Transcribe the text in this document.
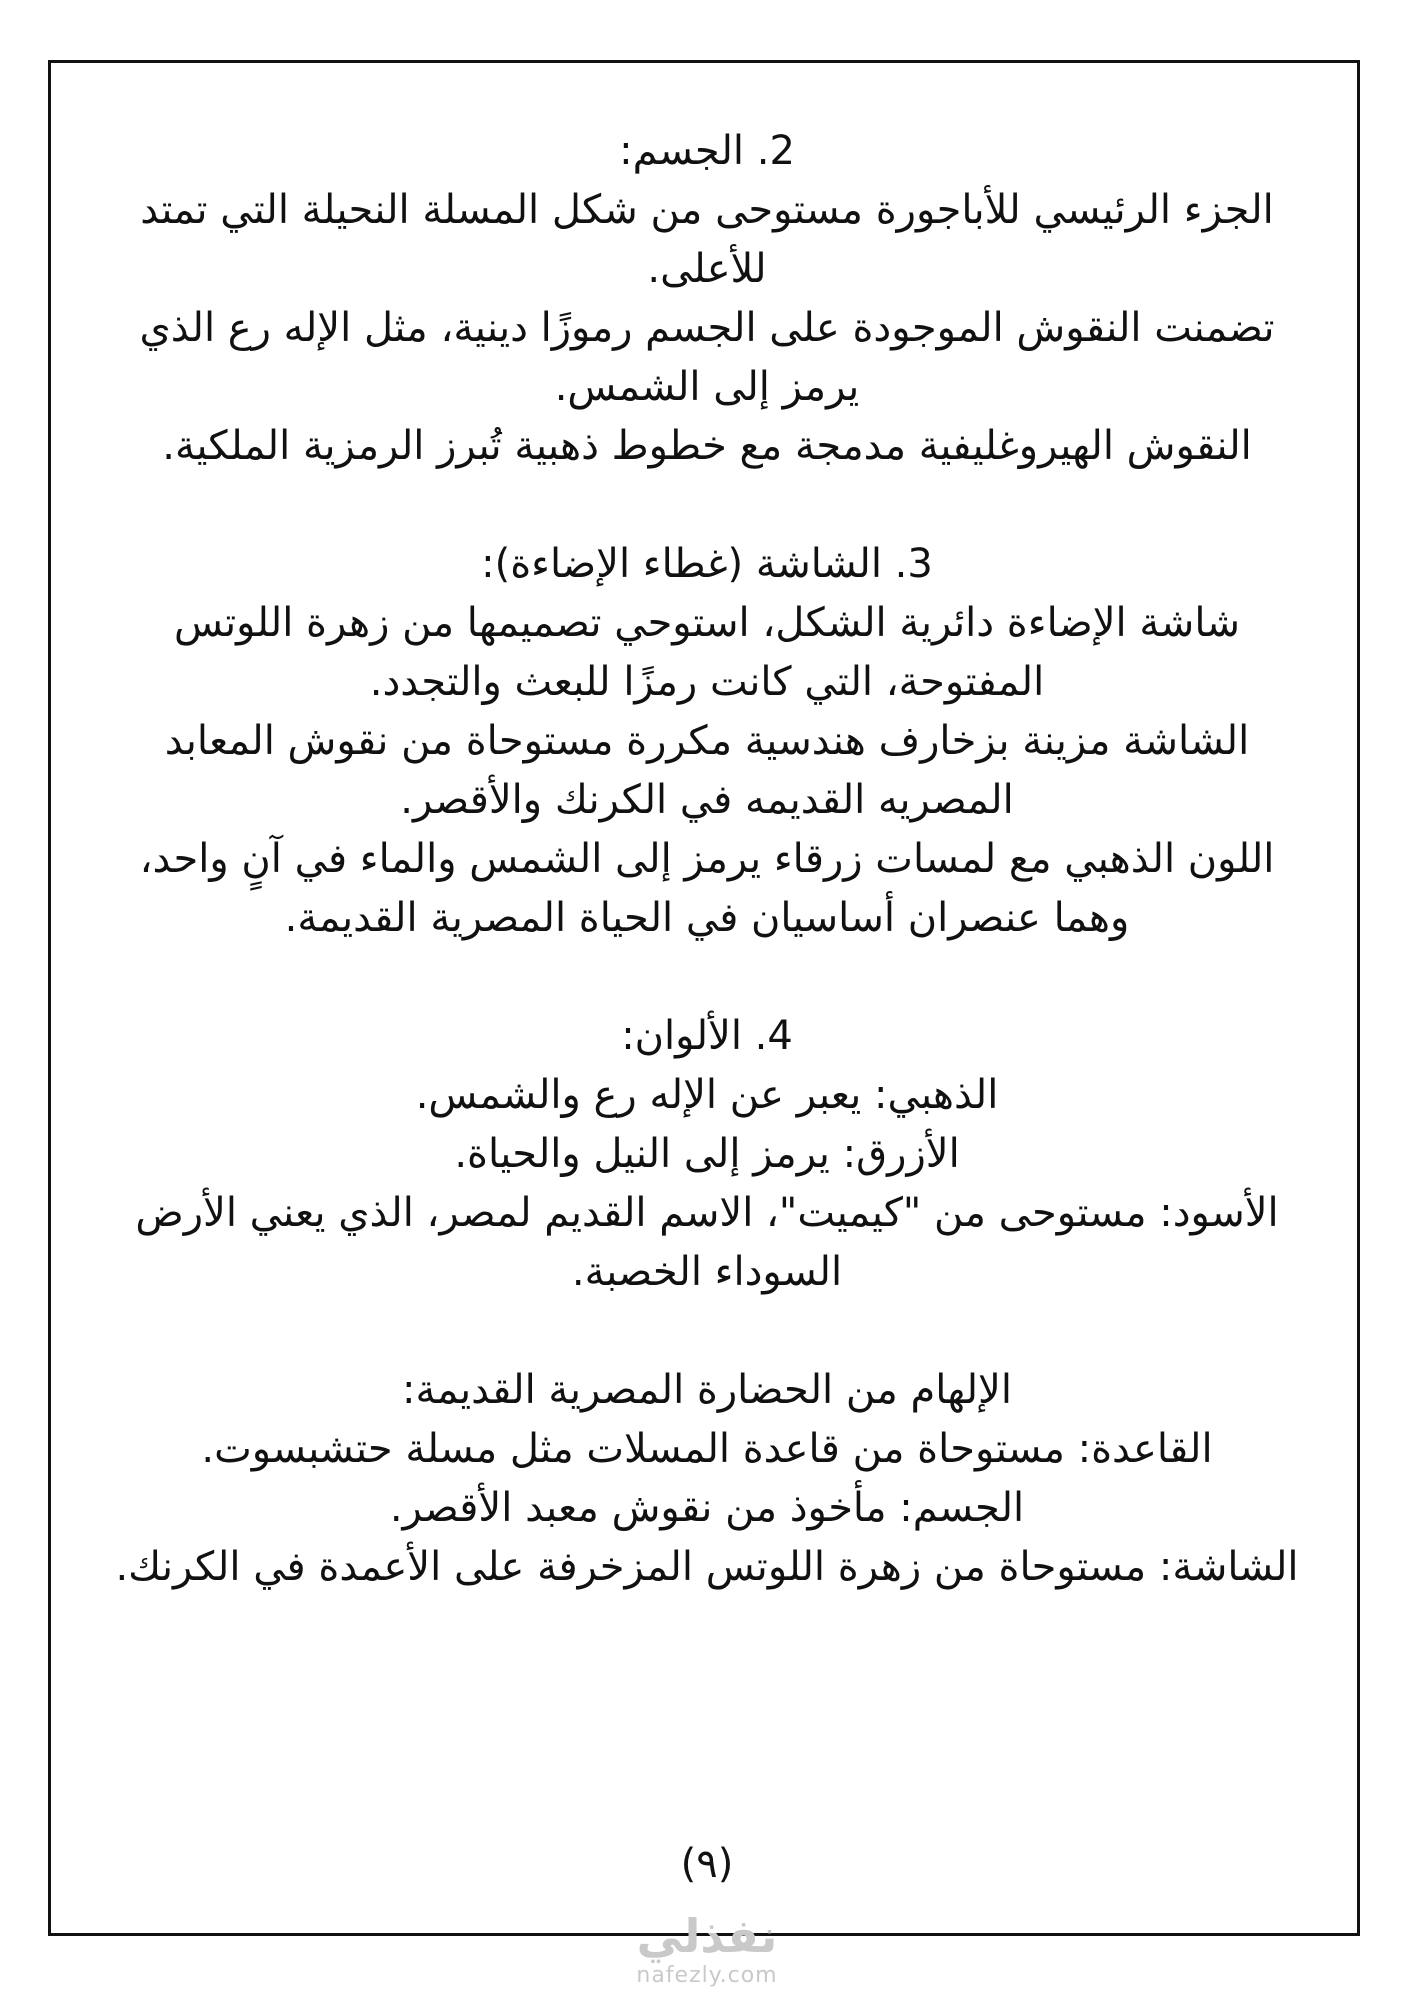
2. الجسم:

الجزء الرئيسي للأباجورة مستوحى من شكل المسلة النحيلة التي تمتد للأعلى.

تضمنت النقوش الموجودة على الجسم رموزًا دينية، مثل الإله رع الذي يرمز إلى الشمس.

النقوش الهيروغليفية مدمجة مع خطوط ذهبية تُبرز الرمزية الملكية.

3. الشاشة (غطاء الإضاءة):

شاشة الإضاءة دائرية الشكل، استوحي تصميمها من زهرة اللوتس المفتوحة، التي كانت رمزًا للبعث والتجدد.

الشاشة مزينة بزخارف هندسية مكررة مستوحاة من نقوش المعابد المصريه القديمه في الكرنك والأقصر.

اللون الذهبي مع لمسات زرقاء يرمز إلى الشمس والماء في آنٍ واحد، وهما عنصران أساسيان في الحياة المصرية القديمة.

4. الألوان:

الذهبي: يعبر عن الإله رع والشمس.

الأزرق: يرمز إلى النيل والحياة.

الأسود: مستوحى من "كيميت"، الاسم القديم لمصر، الذي يعني الأرض السوداء الخصبة.

الإلهام من الحضارة المصرية القديمة:

القاعدة: مستوحاة من قاعدة المسلات مثل مسلة حتشبسوت.

الجسم: مأخوذ من نقوش معبد الأقصر.

الشاشة: مستوحاة من زهرة اللوتس المزخرفة على الأعمدة في الكرنك.

(٩)
نفذلي
nafezly.com
